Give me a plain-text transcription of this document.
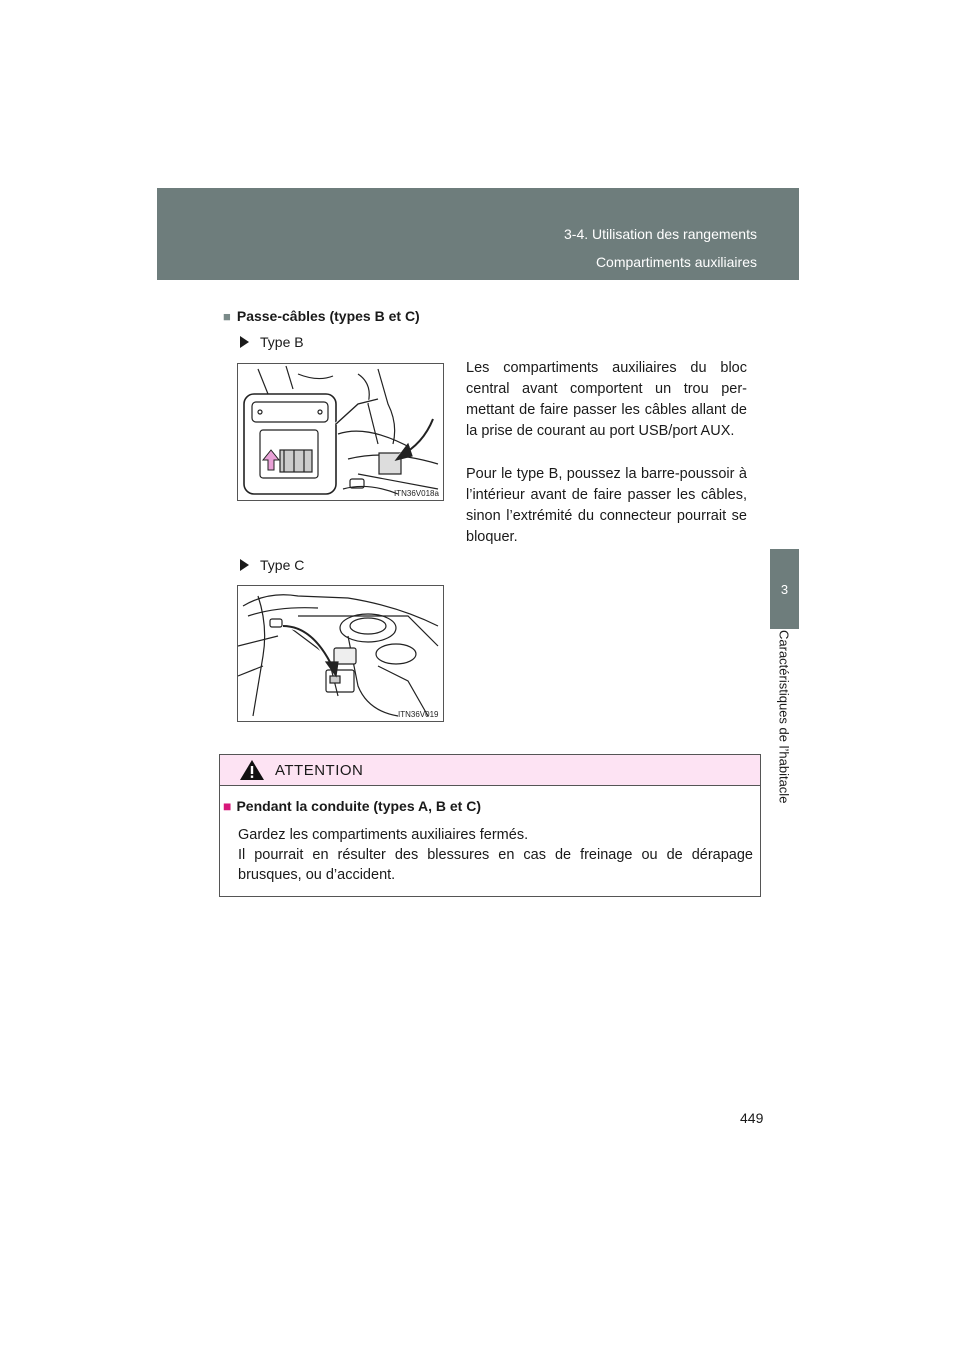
3-4. Utilisation des rangements
Compartiments auxiliaires
3
Caractéristiques de l’habitacle
■ Passe-câbles (types B et C)
Type B
ITN36V018a

Les compartiments auxiliaires du bloc central avant comportent un trou permettant de faire passer les câbles allant de la prise de courant au port USB/port AUX.

Pour le type B, poussez la barre-poussoir à l’intérieur avant de faire passer les câbles, sinon l’extrémité du connecteur pourrait se bloquer.

Type C
ITN36V019
ATTENTION
■ Pendant la conduite (types A, B et C)

Gardez les compartiments auxiliaires fermés.

Il pourrait en résulter des blessures en cas de freinage ou de dérapage brusques, ou d’accident.

449
